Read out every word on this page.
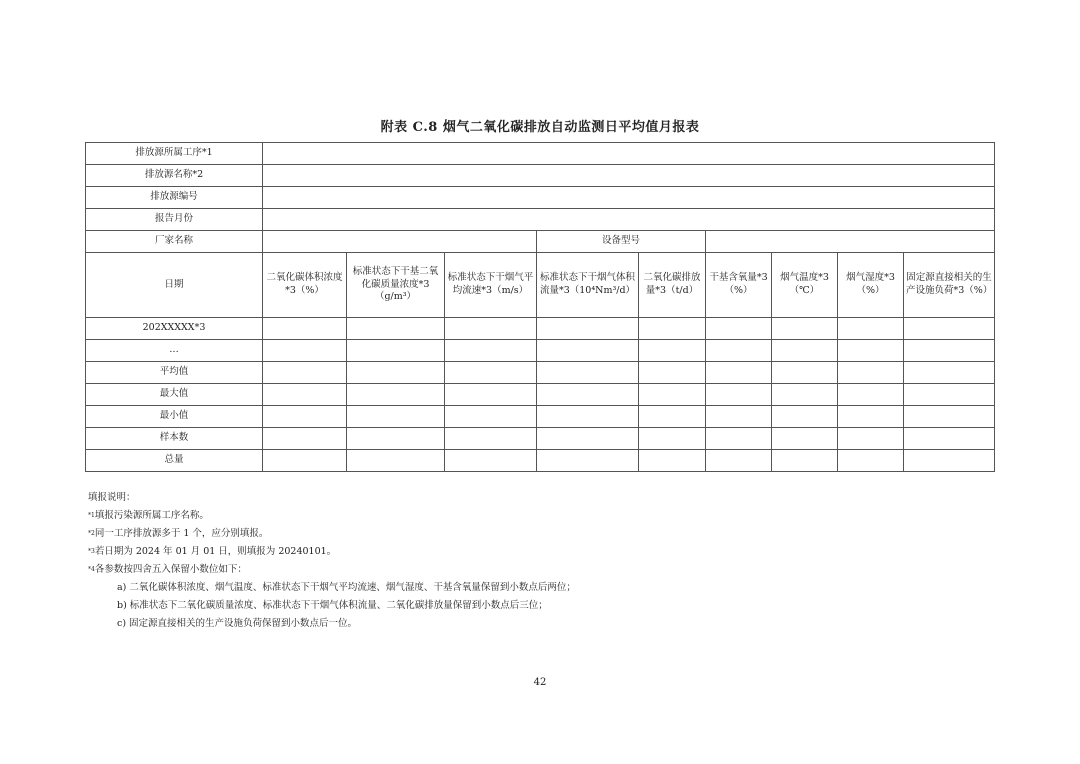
附表 C.8 烟气二氧化碳排放自动监测日平均值月报表
排放源所属工序*1									
排放源名称*2									
排放源编号									
报告月份									
厂家名称				设备型号					
日期	二氧化碳体积浓度*3（%）	标准状态下干基二氧化碳质量浓度*3（g/m³）	标准状态下干烟气平均流速*3（m/s）	标准状态下干烟气体积流量*3（10⁴Nm³/d）	二氧化碳排放量*3（t/d）	干基含氧量*3（%）	烟气温度*3（℃）	烟气湿度*3（%）	固定源直接相关的生产设施负荷*3（%）
202XXXXX*3									
…									
平均值									
最大值									
最小值									
样本数									
总量									
填报说明：
$^{*1}$填报污染源所属工序名称。
$^{*2}$同一工序排放源多于 1 个，应分别填报。
$^{*3}$若日期为 2024 年 01 月 01 日，则填报为 20240101。
$^{*4}$各参数按四舍五入保留小数位如下：
a) 二氧化碳体积浓度、烟气温度、标准状态下干烟气平均流速、烟气湿度、干基含氧量保留到小数点后两位；
b) 标准状态下二氧化碳质量浓度、标准状态下干烟气体积流量、二氧化碳排放量保留到小数点后三位；
c) 固定源直接相关的生产设施负荷保留到小数点后一位。
42
